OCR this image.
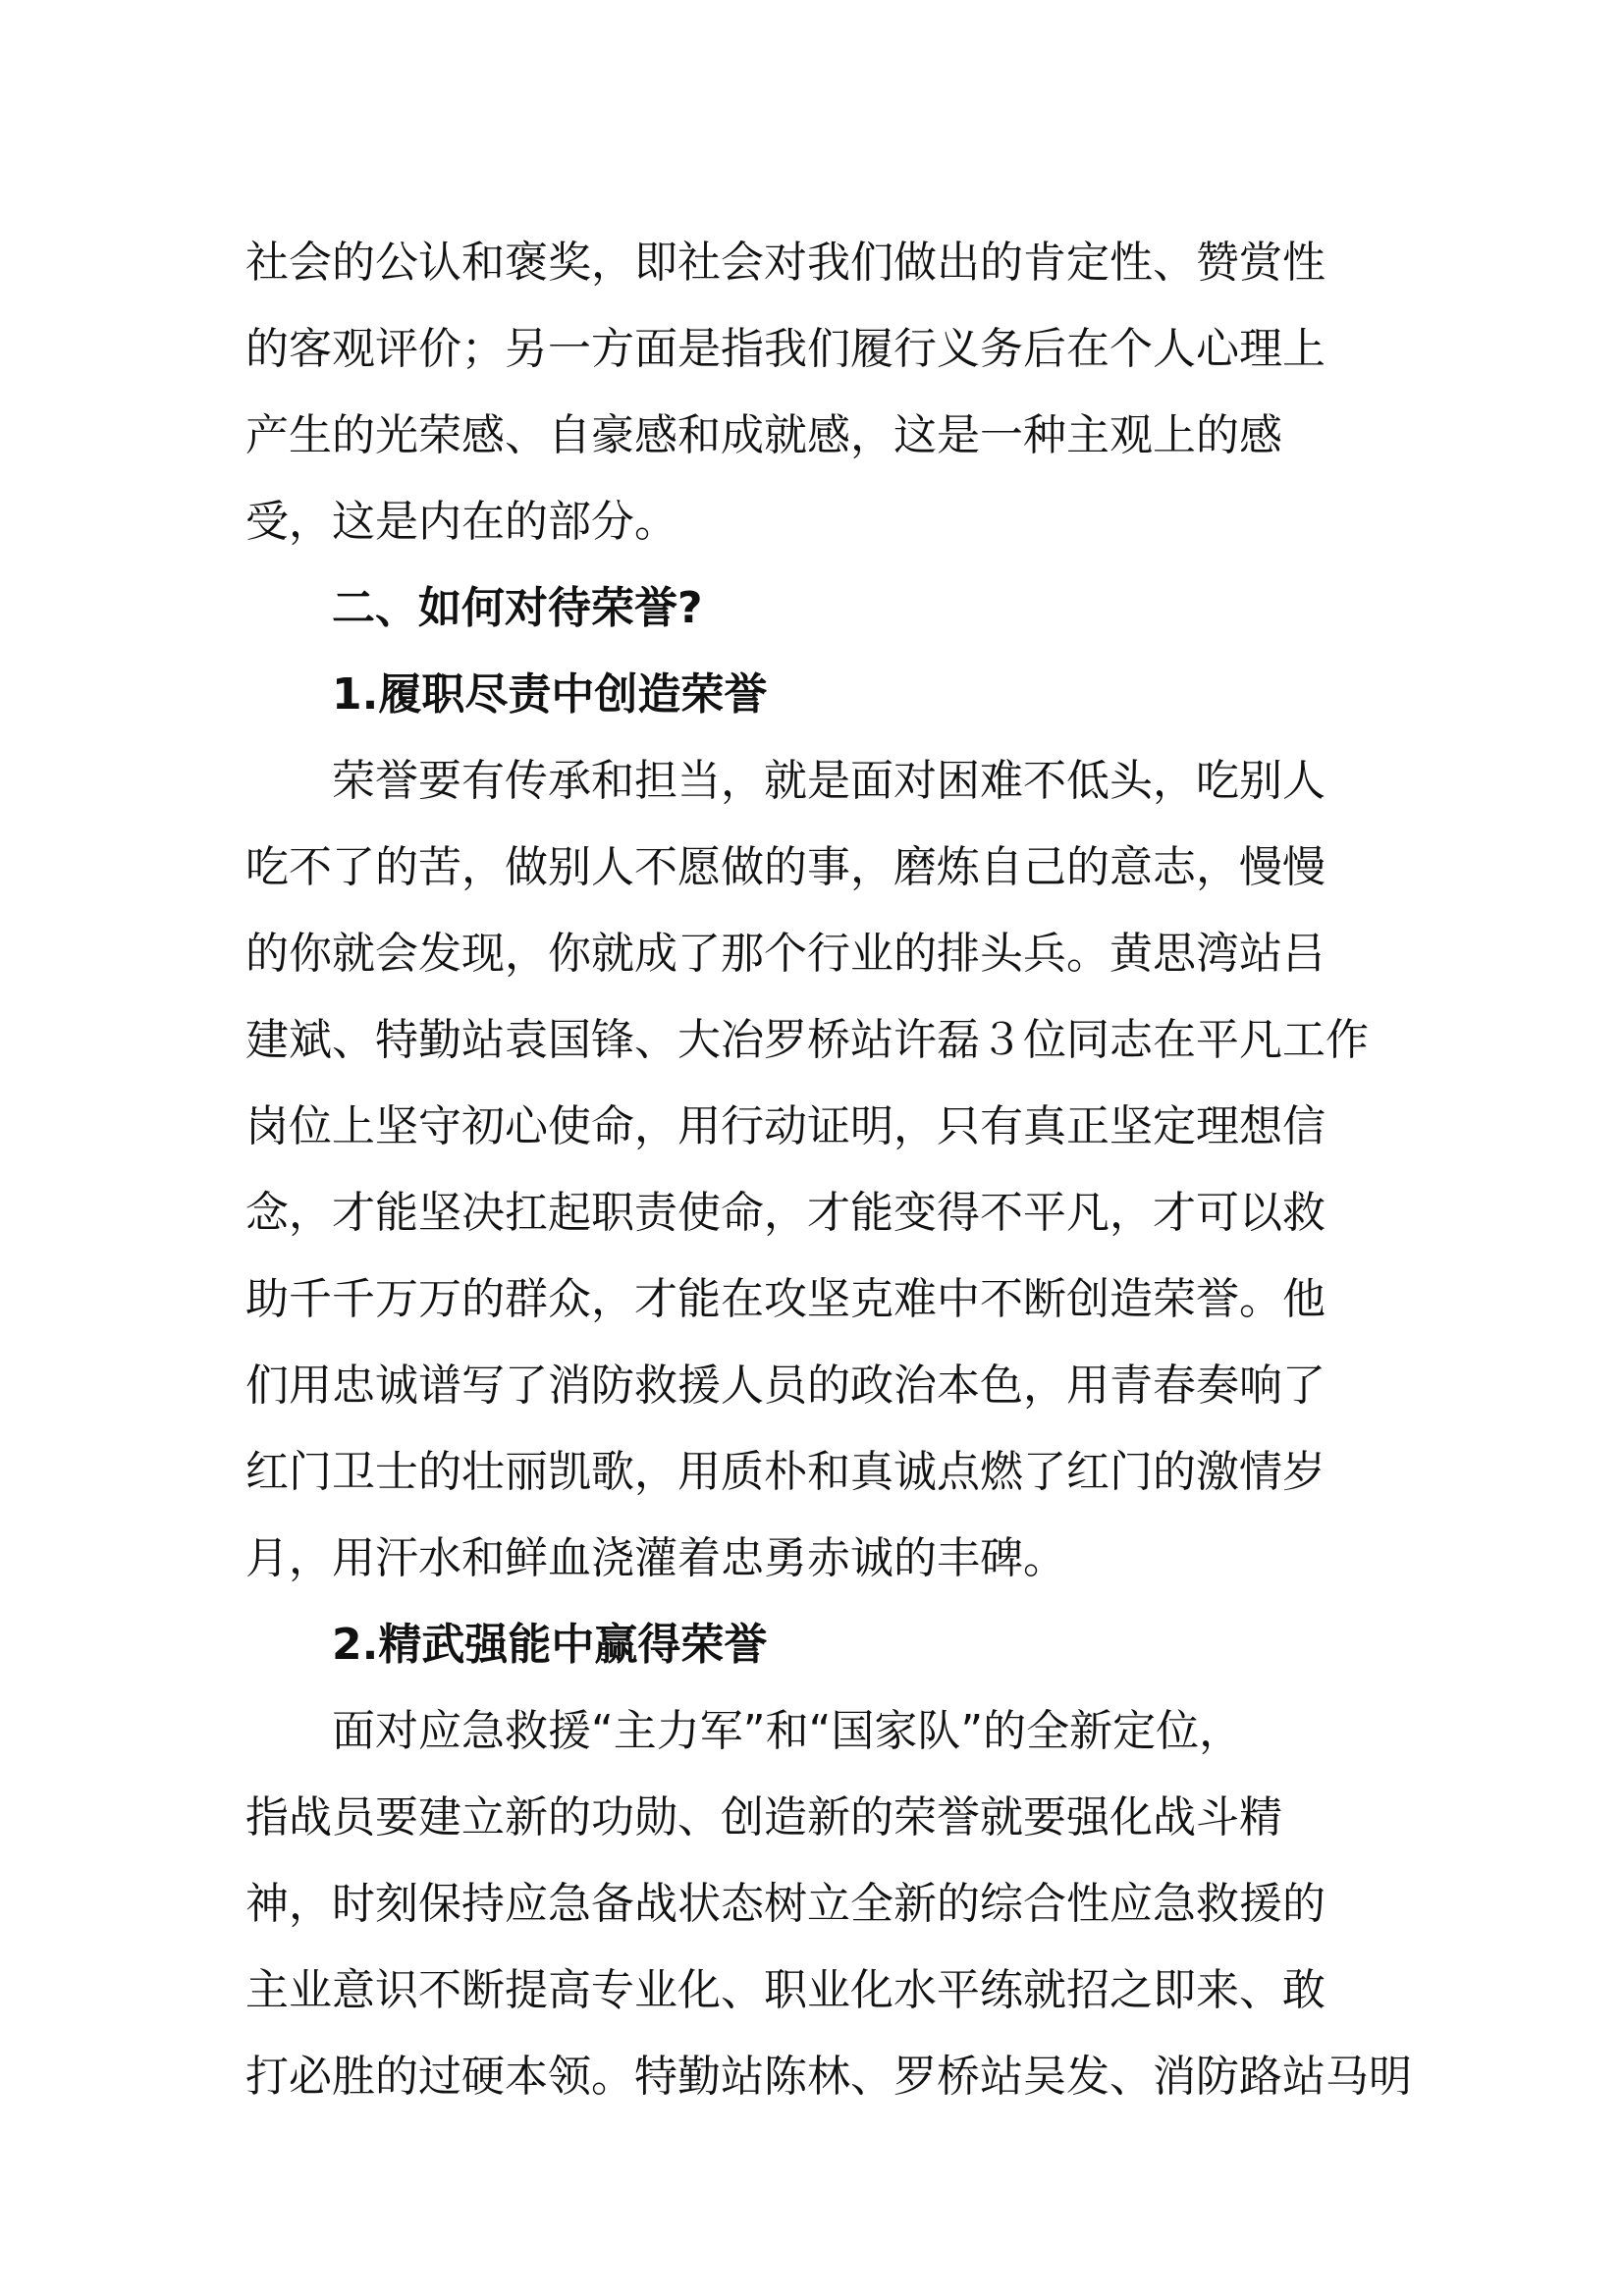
社会的公认和褒奖，即社会对我们做出的肯定性、赞赏性
的客观评价；另一方面是指我们履行义务后在个人心理上
产生的光荣感、自豪感和成就感，这是一种主观上的感
受，这是内在的部分。
二、如何对待荣誉?
1.履职尽责中创造荣誉
荣誉要有传承和担当，就是面对困难不低头，吃别人
吃不了的苦，做别人不愿做的事，磨炼自己的意志，慢慢
的你就会发现，你就成了那个行业的排头兵。黄思湾站吕
建斌、特勤站袁国锋、大冶罗桥站许磊３位同志在平凡工作
岗位上坚守初心使命，用行动证明，只有真正坚定理想信
念，才能坚决扛起职责使命，才能变得不平凡，才可以救
助千千万万的群众，才能在攻坚克难中不断创造荣誉。他
们用忠诚谱写了消防救援人员的政治本色，用青春奏响了
红门卫士的壮丽凯歌，用质朴和真诚点燃了红门的激情岁
月，用汗水和鲜血浇灌着忠勇赤诚的丰碑。
2.精武强能中赢得荣誉
面对应急救援“主力军”和“国家队”的全新定位，
指战员要建立新的功勋、创造新的荣誉就要强化战斗精
神，时刻保持应急备战状态树立全新的综合性应急救援的
主业意识不断提高专业化、职业化水平练就招之即来、敢
打必胜的过硬本领。特勤站陈林、罗桥站吴发、消防路站马明
